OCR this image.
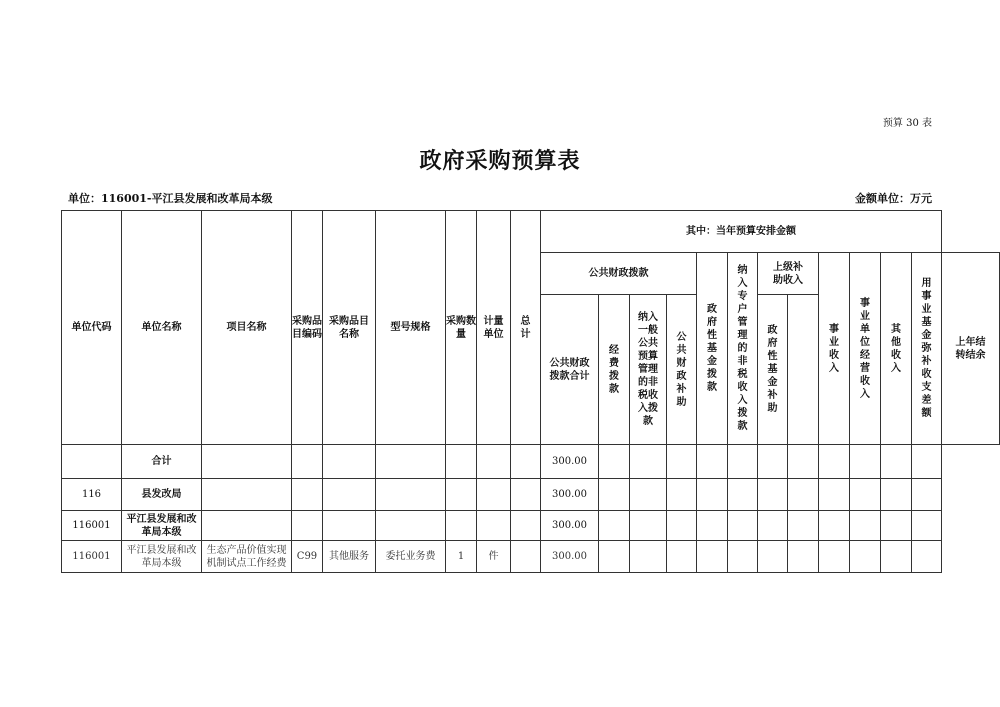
预算 30 表
政府采购预算表
单位：116001-平江县发展和改革局本级	金额单位：万元
单位代码	单位名称	项目名称	采购品目编码	采购品目名称	型号规格	采购数量	计量单位	总计	其中：当年预算安排金额												
									公共财政拨款				政府性基金拨款	纳入专户管理的非税收入拨款	上级补助收入		事业收入	事业单位经营收入	其他收入	用事业基金弥补收支差额	上年结转结余
									公共财政拨款合计	经费拨款	纳入一般公共预算管理的非税收入拨款	公共财政补助			政府性基金补助						
	合计								300.00												
116	县发改局								300.00												
116001	平江县发展和改革局本级								300.00												
116001	平江县发展和改革局本级	生态产品价值实现机制试点工作经费	C99	其他服务	委托业务费	1	件		300.00												
